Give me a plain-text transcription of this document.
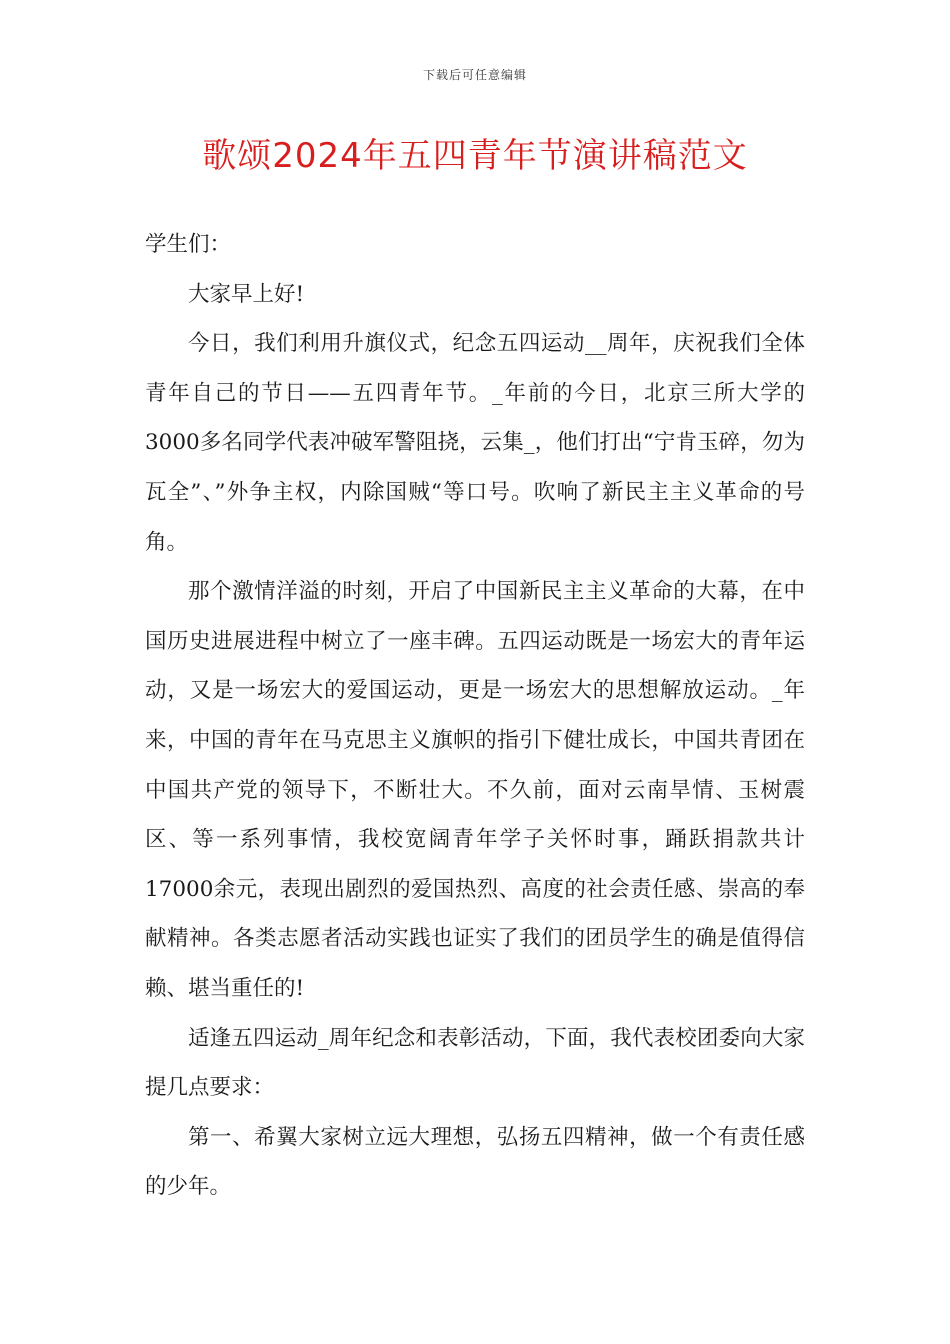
下载后可任意编辑
歌颂2024年五四青年节演讲稿范文

学生们：

大家早上好!

今日，我们利用升旗仪式，纪念五四运动__周年，庆祝我们全体青年自己的节日——五四青年节。_年前的今日，北京三所大学的3000多名同学代表冲破军警阻挠，云集_，他们打出“宁肯玉碎，勿为瓦全”、”外争主权，内除国贼“等口号。吹响了新民主主义革命的号角。

那个激情洋溢的时刻，开启了中国新民主主义革命的大幕，在中国历史进展进程中树立了一座丰碑。五四运动既是一场宏大的青年运动，又是一场宏大的爱国运动，更是一场宏大的思想解放运动。_年来，中国的青年在马克思主义旗帜的指引下健壮成长，中国共青团在中国共产党的领导下，不断壮大。不久前，面对云南旱情、玉树震区、等一系列事情，我校宽阔青年学子关怀时事，踊跃捐款共计17000余元，表现出剧烈的爱国热烈、高度的社会责任感、崇高的奉献精神。各类志愿者活动实践也证实了我们的团员学生的确是值得信赖、堪当重任的!

适逢五四运动_周年纪念和表彰活动，下面，我代表校团委向大家提几点要求：

第一、希翼大家树立远大理想，弘扬五四精神，做一个有责任感的少年。
